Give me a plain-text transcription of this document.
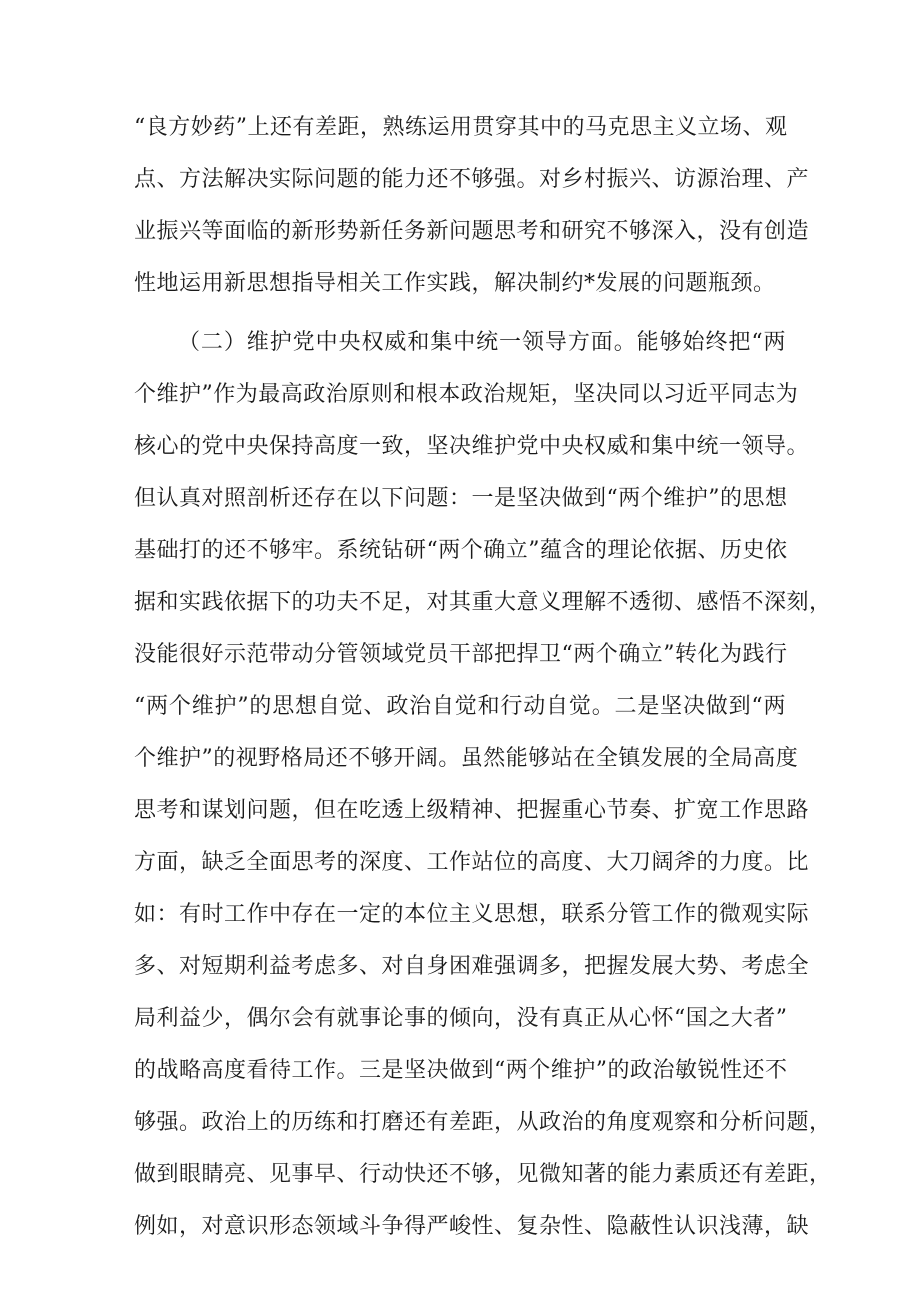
“良方妙药”上还有差距，熟练运用贯穿其中的马克思主义立场、观
点、方法解决实际问题的能力还不够强。对乡村振兴、访源治理、产
业振兴等面临的新形势新任务新问题思考和研究不够深入，没有创造
性地运用新思想指导相关工作实践，解决制约*发展的问题瓶颈。
（二）维护党中央权威和集中统一领导方面。能够始终把“两
个维护”作为最高政治原则和根本政治规矩，坚决同以习近平同志为
核心的党中央保持高度一致，坚决维护党中央权威和集中统一领导。
但认真对照剖析还存在以下问题：一是坚决做到“两个维护”的思想
基础打的还不够牢。系统钻研“两个确立”蕴含的理论依据、历史依
据和实践依据下的功夫不足，对其重大意义理解不透彻、感悟不深刻，
没能很好示范带动分管领域党员干部把捍卫“两个确立”转化为践行
“两个维护”的思想自觉、政治自觉和行动自觉。二是坚决做到“两
个维护”的视野格局还不够开阔。虽然能够站在全镇发展的全局高度
思考和谋划问题，但在吃透上级精神、把握重心节奏、扩宽工作思路
方面，缺乏全面思考的深度、工作站位的高度、大刀阔斧的力度。比
如：有时工作中存在一定的本位主义思想，联系分管工作的微观实际
多、对短期利益考虑多、对自身困难强调多，把握发展大势、考虑全
局利益少，偶尔会有就事论事的倾向，没有真正从心怀“国之大者”
的战略高度看待工作。三是坚决做到“两个维护”的政治敏锐性还不
够强。政治上的历练和打磨还有差距，从政治的角度观察和分析问题，
做到眼睛亮、见事早、行动快还不够，见微知著的能力素质还有差距，
例如，对意识形态领域斗争得严峻性、复杂性、隐蔽性认识浅薄，缺
